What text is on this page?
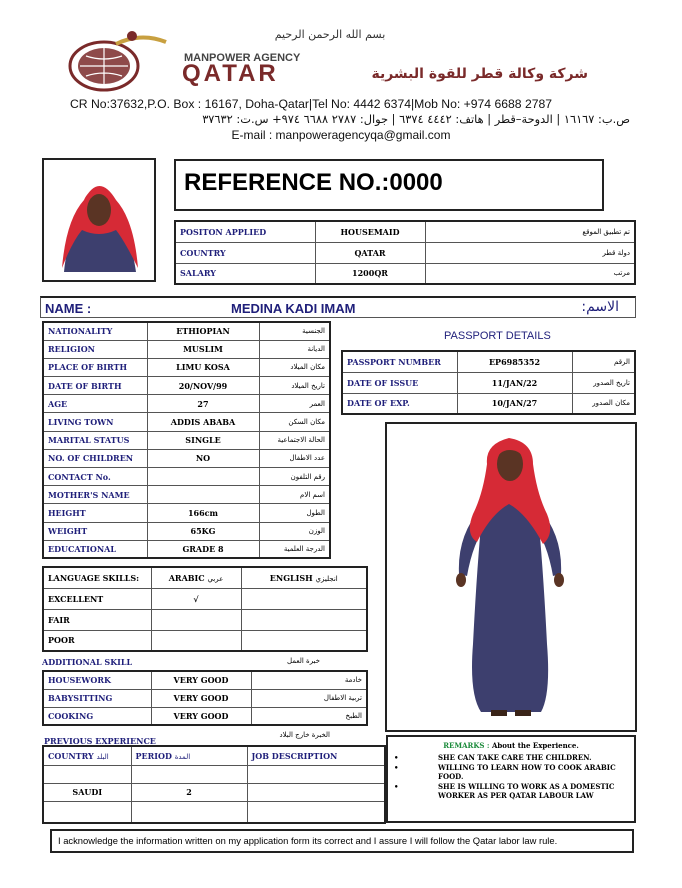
بسم الله الرحمن الرحيم
MANPOWER AGENCY
QATAR	شركة وكالة قطر للقوة البشرية
CR No:37632,P.O. Box : 16167, Doha-Qatar|Tel No: 4442 6374|Mob No: +974 6688 2787
ص.ب: ١٦١٦٧ | الدوحة–قطر | هاتف: ٤٤٤٢ ٦٣٧٤ | جوال: ٢٧٨٧ ٦٦٨٨ ٩٧٤+ س.ت: ٣٧٦٣٢
E-mail : manpoweragencyqa@gmail.com
REFERENCE NO.:0000
POSITON APPLIED	HOUSEMAID	تم تطبيق الموقع
COUNTRY	QATAR	دولة قطر
SALARY	1200QR	مرتب
NAME :	MEDINA KADI IMAM	الاسم:
NATIONALITY	ETHIOPIAN	الجنسية
RELIGION	MUSLIM	الديانة
PLACE OF BIRTH	LIMU KOSA	مكان الميلاد
DATE OF BIRTH	20/NOV/99	تاريخ الميلاد
AGE	27	العمر
LIVING TOWN	ADDIS ABABA	مكان السكن
MARITAL STATUS	SINGLE	الحالة الاجتماعية
NO. OF CHILDREN	NO	عدد الاطفال
CONTACT No.		رقم التلفون
MOTHER'S NAME		اسم الام
HEIGHT	166cm	الطول
WEIGHT	65KG	الوزن
EDUCATIONAL	GRADE 8	الدرجة العلمية
PASSPORT DETAILS
PASSPORT NUMBER	EP6985352	الرقم
DATE OF ISSUE	11/JAN/22	تاريخ الصدور
DATE OF EXP.	10/JAN/27	مكان الصدور
LANGUAGE SKILLS:	ARABIC عربي	ENGLISH انجليزي
EXCELLENT	√	
FAIR		
POOR		
ADDITIONAL SKILL	خبرة العمل
HOUSEWORK	VERY GOOD	خادمة
BABYSITTING	VERY GOOD	تربية الاطفال
COOKING	VERY GOOD	الطبخ
PREVIOUS EXPERIENCE
الخبرة خارج البلاد
COUNTRY البلد	PERIOD المدة	JOB DESCRIPTION

SAUDI	2	

REMARKS : About the Experience.
•	SHE CAN TAKE CARE THE CHILDREN.
•	WILLING TO LEARN HOW TO COOK ARABIC FOOD.
•	SHE IS WILLING TO WORK AS A DOMESTIC WORKER AS PER QATAR LABOUR LAW
I acknowledge the information written on my application form its correct and I assure I will follow the Qatar labor law rule.
